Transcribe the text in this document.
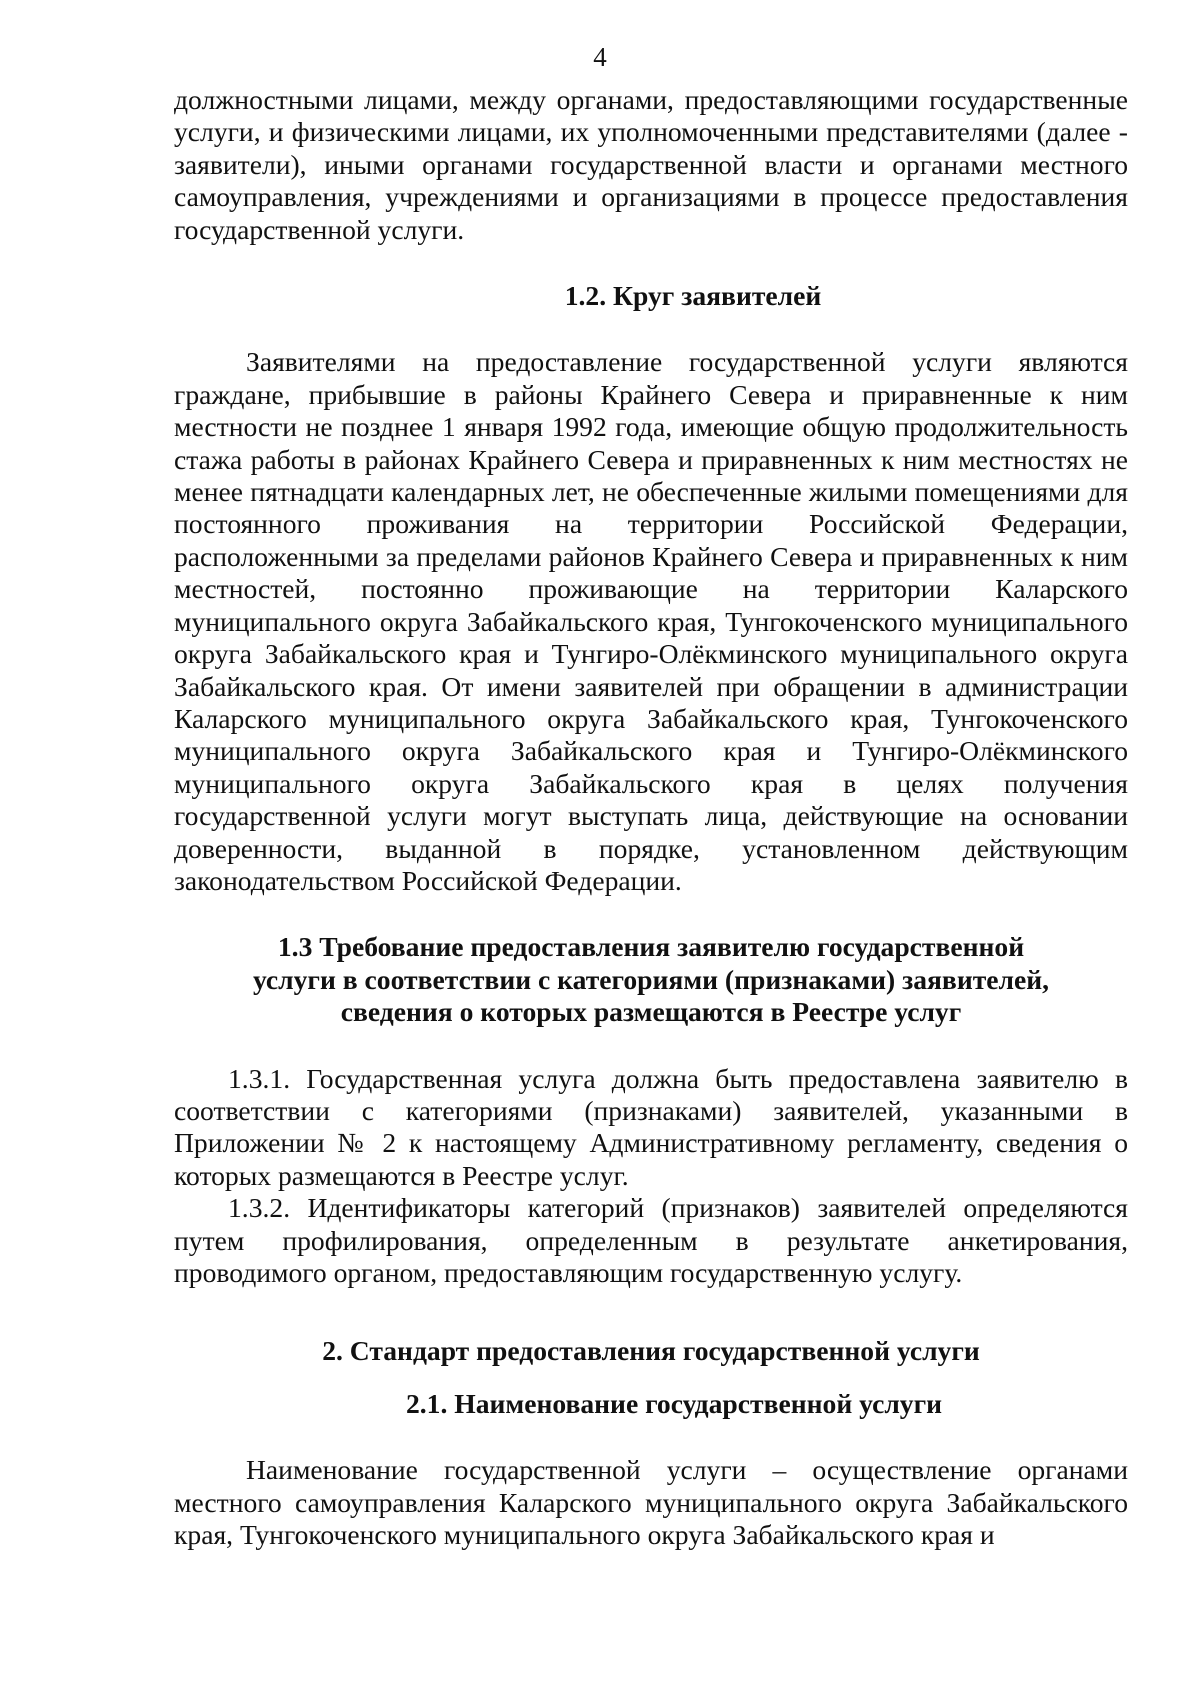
4

должностными лицами, между органами, предоставляющими государственные услуги, и физическими лицами, их уполномоченными представителями (далее - заявители), иными органами государственной власти и органами местного самоуправления, учреждениями и организациями в процессе предоставления государственной услуги.

1.2. Круг заявителей

Заявителями на предоставление государственной услуги являются граждане, прибывшие в районы Крайнего Севера и приравненные к ним местности не позднее 1 января 1992 года, имеющие общую продолжительность стажа работы в районах Крайнего Севера и приравненных к ним местностях не менее пятнадцати календарных лет, не обеспеченные жилыми помещениями для постоянного проживания на территории Российской Федерации, расположенными за пределами районов Крайнего Севера и приравненных к ним местностей, постоянно проживающие на территории Каларского муниципального округа Забайкальского края, Тунгокоченского муниципального округа Забайкальского края и Тунгиро-Олёкминского муниципального округа Забайкальского края. От имени заявителей при обращении в администрации Каларского муниципального округа Забайкальского края, Тунгокоченского муниципального округа Забайкальского края и Тунгиро-Олёкминского муниципального округа Забайкальского края в целях получения государственной услуги могут выступать лица, действующие на основании доверенности, выданной в порядке, установленном действующим законодательством Российской Федерации.

1.3 Требование предоставления заявителю государственной
услуги в соответствии с категориями (признаками) заявителей,
сведения о которых размещаются в Реестре услуг

1.3.1. Государственная услуга должна быть предоставлена заявителю в соответствии с категориями (признаками) заявителей, указанными в Приложении № 2 к настоящему Административному регламенту, сведения о которых размещаются в Реестре услуг.

1.3.2. Идентификаторы категорий (признаков) заявителей определяются путем профилирования, определенным в результате анкетирования, проводимого органом, предоставляющим государственную услугу.

2. Стандарт предоставления государственной услуги
2.1. Наименование государственной услуги

Наименование государственной услуги – осуществление органами местного самоуправления Каларского муниципального округа Забайкальского края, Тунгокоченского муниципального округа Забайкальского края и
